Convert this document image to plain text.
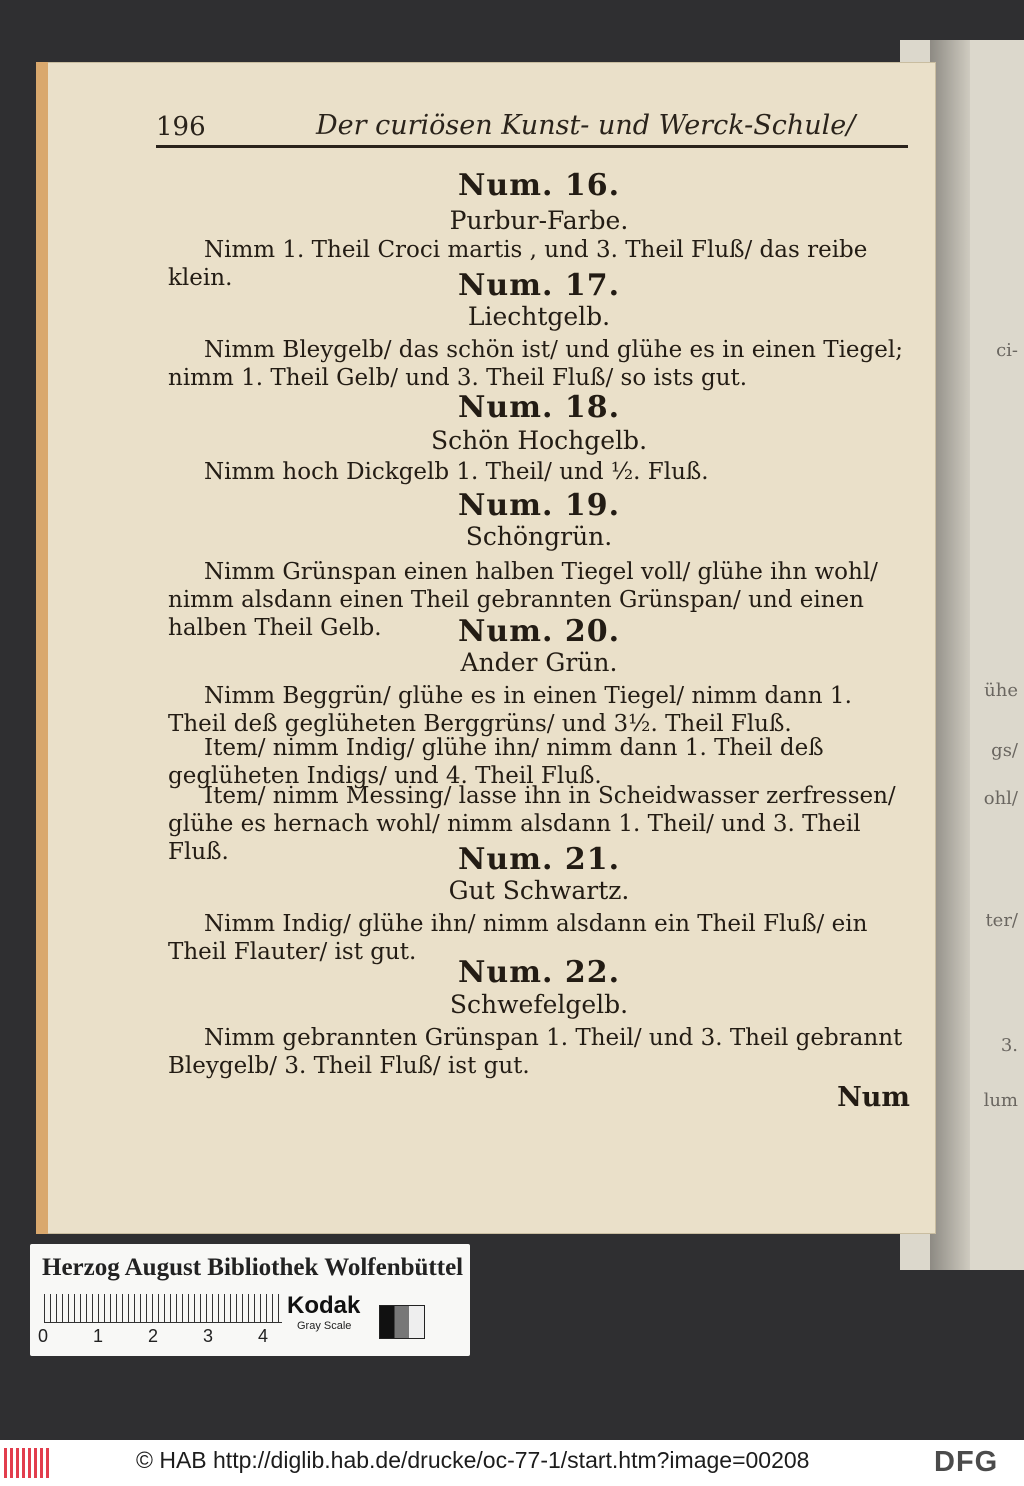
ci-
ühe
gs/
ohl/
ter/
3.
lum
196	Der curiösen Kunst- und Werck-Schule/
Num. 16.
Purbur-Farbe.
Nimm 1. Theil Croci martis , und 3. Theil Fluß/ das reibe klein.	Num. 17.
Liechtgelb.
Nimm Bleygelb/ das schön ist/ und glühe es in einen Tiegel; nimm 1. Theil Gelb/ und 3. Theil Fluß/ so ists gut.
Num. 18.
Schön Hochgelb.
Nimm hoch Dickgelb 1. Theil/ und ½. Fluß.
Num. 19.
Schöngrün.
Nimm Grünspan einen halben Tiegel voll/ glühe ihn wohl/ nimm alsdann einen Theil gebrannten Grünspan/ und einen halben Theil Gelb.	Num. 20.
Ander Grün.
Nimm Beggrün/ glühe es in einen Tiegel/ nimm dann 1. Theil deß geglüheten Berggrüns/ und 3½. Theil Fluß.
Item/ nimm Indig/ glühe ihn/ nimm dann 1. Theil deß geglüheten Indigs/ und 4. Theil Fluß.
Item/ nimm Messing/ lasse ihn in Scheidwasser zerfressen/ glühe es hernach wohl/ nimm alsdann 1. Theil/ und 3. Theil Fluß.	Num. 21.
Gut Schwartz.
Nimm Indig/ glühe ihn/ nimm alsdann ein Theil Fluß/ ein Theil Flauter/ ist gut.
Num. 22.
Schwefelgelb.
Nimm gebrannten Grünspan 1. Theil/ und 3. Theil gebrannt Bleygelb/ 3. Theil Fluß/ ist gut.
Num
Herzog August Bibliothek Wolfenbüttel
0 1 2 3 4
Kodak
Gray Scale
© HAB http://diglib.hab.de/drucke/oc-77-1/start.htm?image=00208	DFG
